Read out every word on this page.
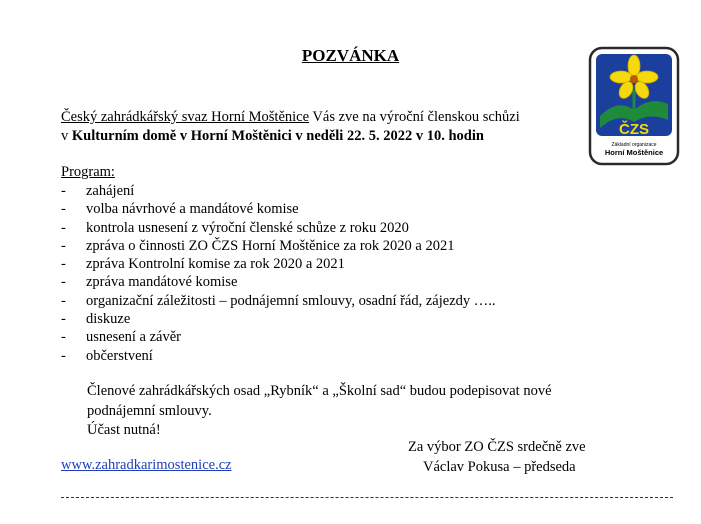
POZVÁNKA
Český zahrádkářský svaz Horní Moštěnice Vás zve na výroční členskou schůzi
v Kulturním domě v Horní Moštěnici v neděli 22. 5. 2022 v 10. hodin
Program:
-	zahájení
-	volba návrhové a mandátové komise
-	kontrola usnesení z výroční členské schůze z roku 2020
-	zpráva o činnosti ZO ČZS Horní Moštěnice za rok 2020 a 2021
-	zpráva Kontrolní komise za rok 2020 a 2021
-	zpráva mandátové komise
-	organizační záležitosti – podnájemní smlouvy, osadní řád, zájezdy …..
-	diskuze
-	usnesení a závěr
-	občerstvení
Členové zahrádkářských osad „Rybník“ a „Školní sad“ budou podepisovat nové
podnájemní smlouvy.
Účast nutná!
Za výbor ZO ČZS srdečně zve
Václav Pokusa – předseda
www.zahradkarimostenice.cz
ČZS
Základní organizace
Horní Moštěnice
